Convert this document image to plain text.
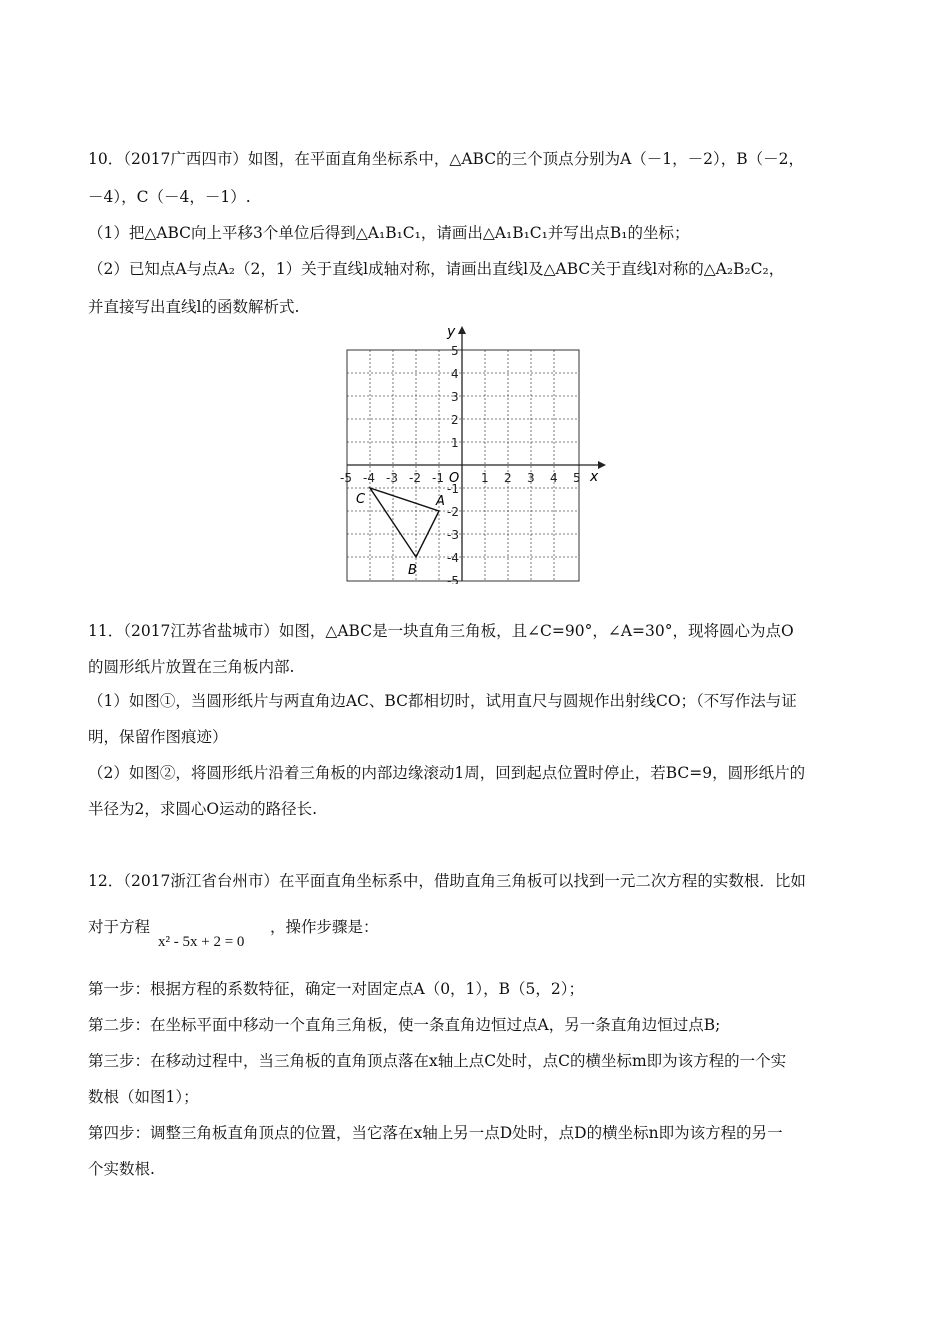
10．（2017广西四市）如图，在平面直角坐标系中，△ABC的三个顶点分别为A（－1，－2），B（－2，
－4），C（－4，－1）.
（1）把△ABC向上平移3个单位后得到△A₁B₁C₁，请画出△A₁B₁C₁并写出点B₁的坐标；
（2）已知点A与点A₂（2，1）关于直线l成轴对称，请画出直线l及△ABC关于直线l对称的△A₂B₂C₂，
并直接写出直线l的函数解析式.
y
x
O
-5 -4 -3 -2 -1	1 2 3 4 5
5
4
3
2
1
-1
-2
-3
-4
-5
A
B
C
11．（2017江苏省盐城市）如图，△ABC是一块直角三角板，且∠C=90°，∠A=30°，现将圆心为点O
的圆形纸片放置在三角板内部.
（1）如图①，当圆形纸片与两直角边AC、BC都相切时，试用直尺与圆规作出射线CO；（不写作法与证
明，保留作图痕迹）
（2）如图②，将圆形纸片沿着三角板的内部边缘滚动1周，回到起点位置时停止，若BC=9，圆形纸片的
半径为2，求圆心O运动的路径长.
12．（2017浙江省台州市）在平面直角坐标系中，借助直角三角板可以找到一元二次方程的实数根．比如
对于方程
x² - 5x + 2 = 0
，操作步骤是：
第一步：根据方程的系数特征，确定一对固定点A（0，1），B（5，2）；
第二步：在坐标平面中移动一个直角三角板，使一条直角边恒过点A，另一条直角边恒过点B;
第三步：在移动过程中，当三角板的直角顶点落在x轴上点C处时，点C的横坐标m即为该方程的一个实
数根（如图1）；
第四步：调整三角板直角顶点的位置，当它落在x轴上另一点D处时，点D的横坐标n即为该方程的另一
个实数根.
